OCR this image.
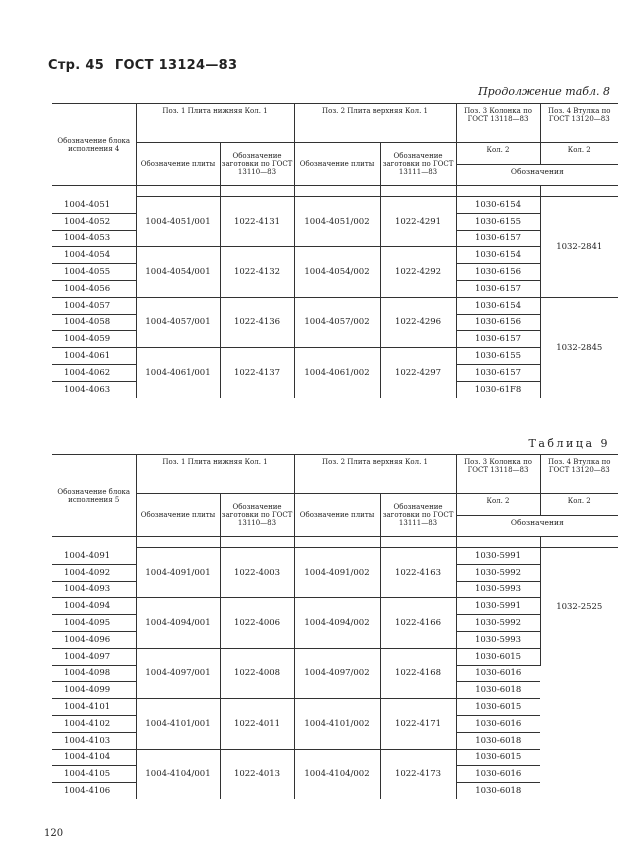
Стр. 45 ГОСТ 13124—83
Продолжение табл. 8
Обозначение блока исполнения 4	Поз. 1 Плита нижняя Кол. 1		Поз. 2 Плита верхняя Кол. 1		Поз. 3 Колонка по ГОСТ 13118—83	Поз. 4 Втулка по ГОСТ 13120—83
	Обозначение плиты	Обозначение заготовки по ГОСТ 13110—83	Обозначение плиты	Обозначение заготовки по ГОСТ 13111—83	Кол. 2	Кол. 2
					Обозначения	

1004-4051	1004-4051/001	1022-4131	1004-4051/002	1022-4291	1030-6154	1032-2841
1004-4052					1030-6155	
1004-4053					1030-6157	
1004-4054	1004-4054/001	1022-4132	1004-4054/002	1022-4292	1030-6154	
1004-4055					1030-6156	
1004-4056					1030-6157	
1004-4057	1004-4057/001	1022-4136	1004-4057/002	1022-4296	1030-6154	1032-2845
1004-4058					1030-6156	
1004-4059					1030-6157	
1004-4061	1004-4061/001	1022-4137	1004-4061/002	1022-4297	1030-6155	
1004-4062					1030-6157	
1004-4063					1030-61F8	
Таблица 9
Обозначение блока исполнения 5	Поз. 1 Плита нижняя Кол. 1		Поз. 2 Плита верхняя Кол. 1		Поз. 3 Колонка по ГОСТ 13118—83	Поз. 4 Втулка по ГОСТ 13120—83
	Обозначение плиты	Обозначение заготовки по ГОСТ 13110—83	Обозначение плиты	Обозначение заготовки по ГОСТ 13111—83	Кол. 2	Кол. 2
					Обозначения	

1004-4091	1004-4091/001	1022-4003	1004-4091/002	1022-4163	1030-5991	1032-2525
1004-4092					1030-5992	
1004-4093					1030-5993	
1004-4094	1004-4094/001	1022-4006	1004-4094/002	1022-4166	1030-5991	
1004-4095					1030-5992	
1004-4096					1030-5993	
1004-4097	1004-4097/001	1022-4008	1004-4097/002	1022-4168	1030-6015	
1004-4098					1030-6016	
1004-4099					1030-6018	
1004-4101	1004-4101/001	1022-4011	1004-4101/002	1022-4171	1030-6015	
1004-4102					1030-6016	
1004-4103					1030-6018	
1004-4104	1004-4104/001	1022-4013	1004-4104/002	1022-4173	1030-6015	
1004-4105					1030-6016	
1004-4106					1030-6018	
120
